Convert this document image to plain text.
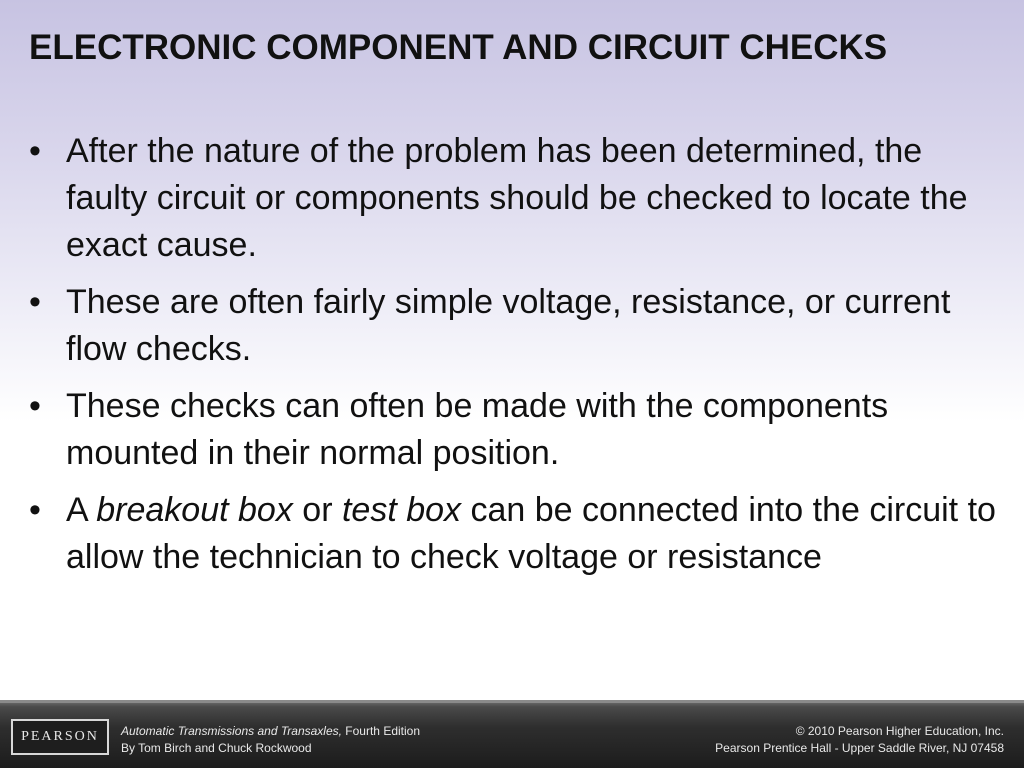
ELECTRONIC COMPONENT AND CIRCUIT CHECKS
• After the nature of the problem has been determined, the faulty circuit or components should be checked to locate the exact cause.
• These are often fairly simple voltage, resistance, or current flow checks.
• These checks can often be made with the components mounted in their normal position.
• A breakout box or test box can be connected into the circuit to allow the technician to check voltage or resistance
PEARSON	Automatic Transmissions and Transaxles, Fourth Edition
By Tom Birch and Chuck Rockwood
© 2010 Pearson Higher Education, Inc.
Pearson Prentice Hall - Upper Saddle River, NJ 07458
